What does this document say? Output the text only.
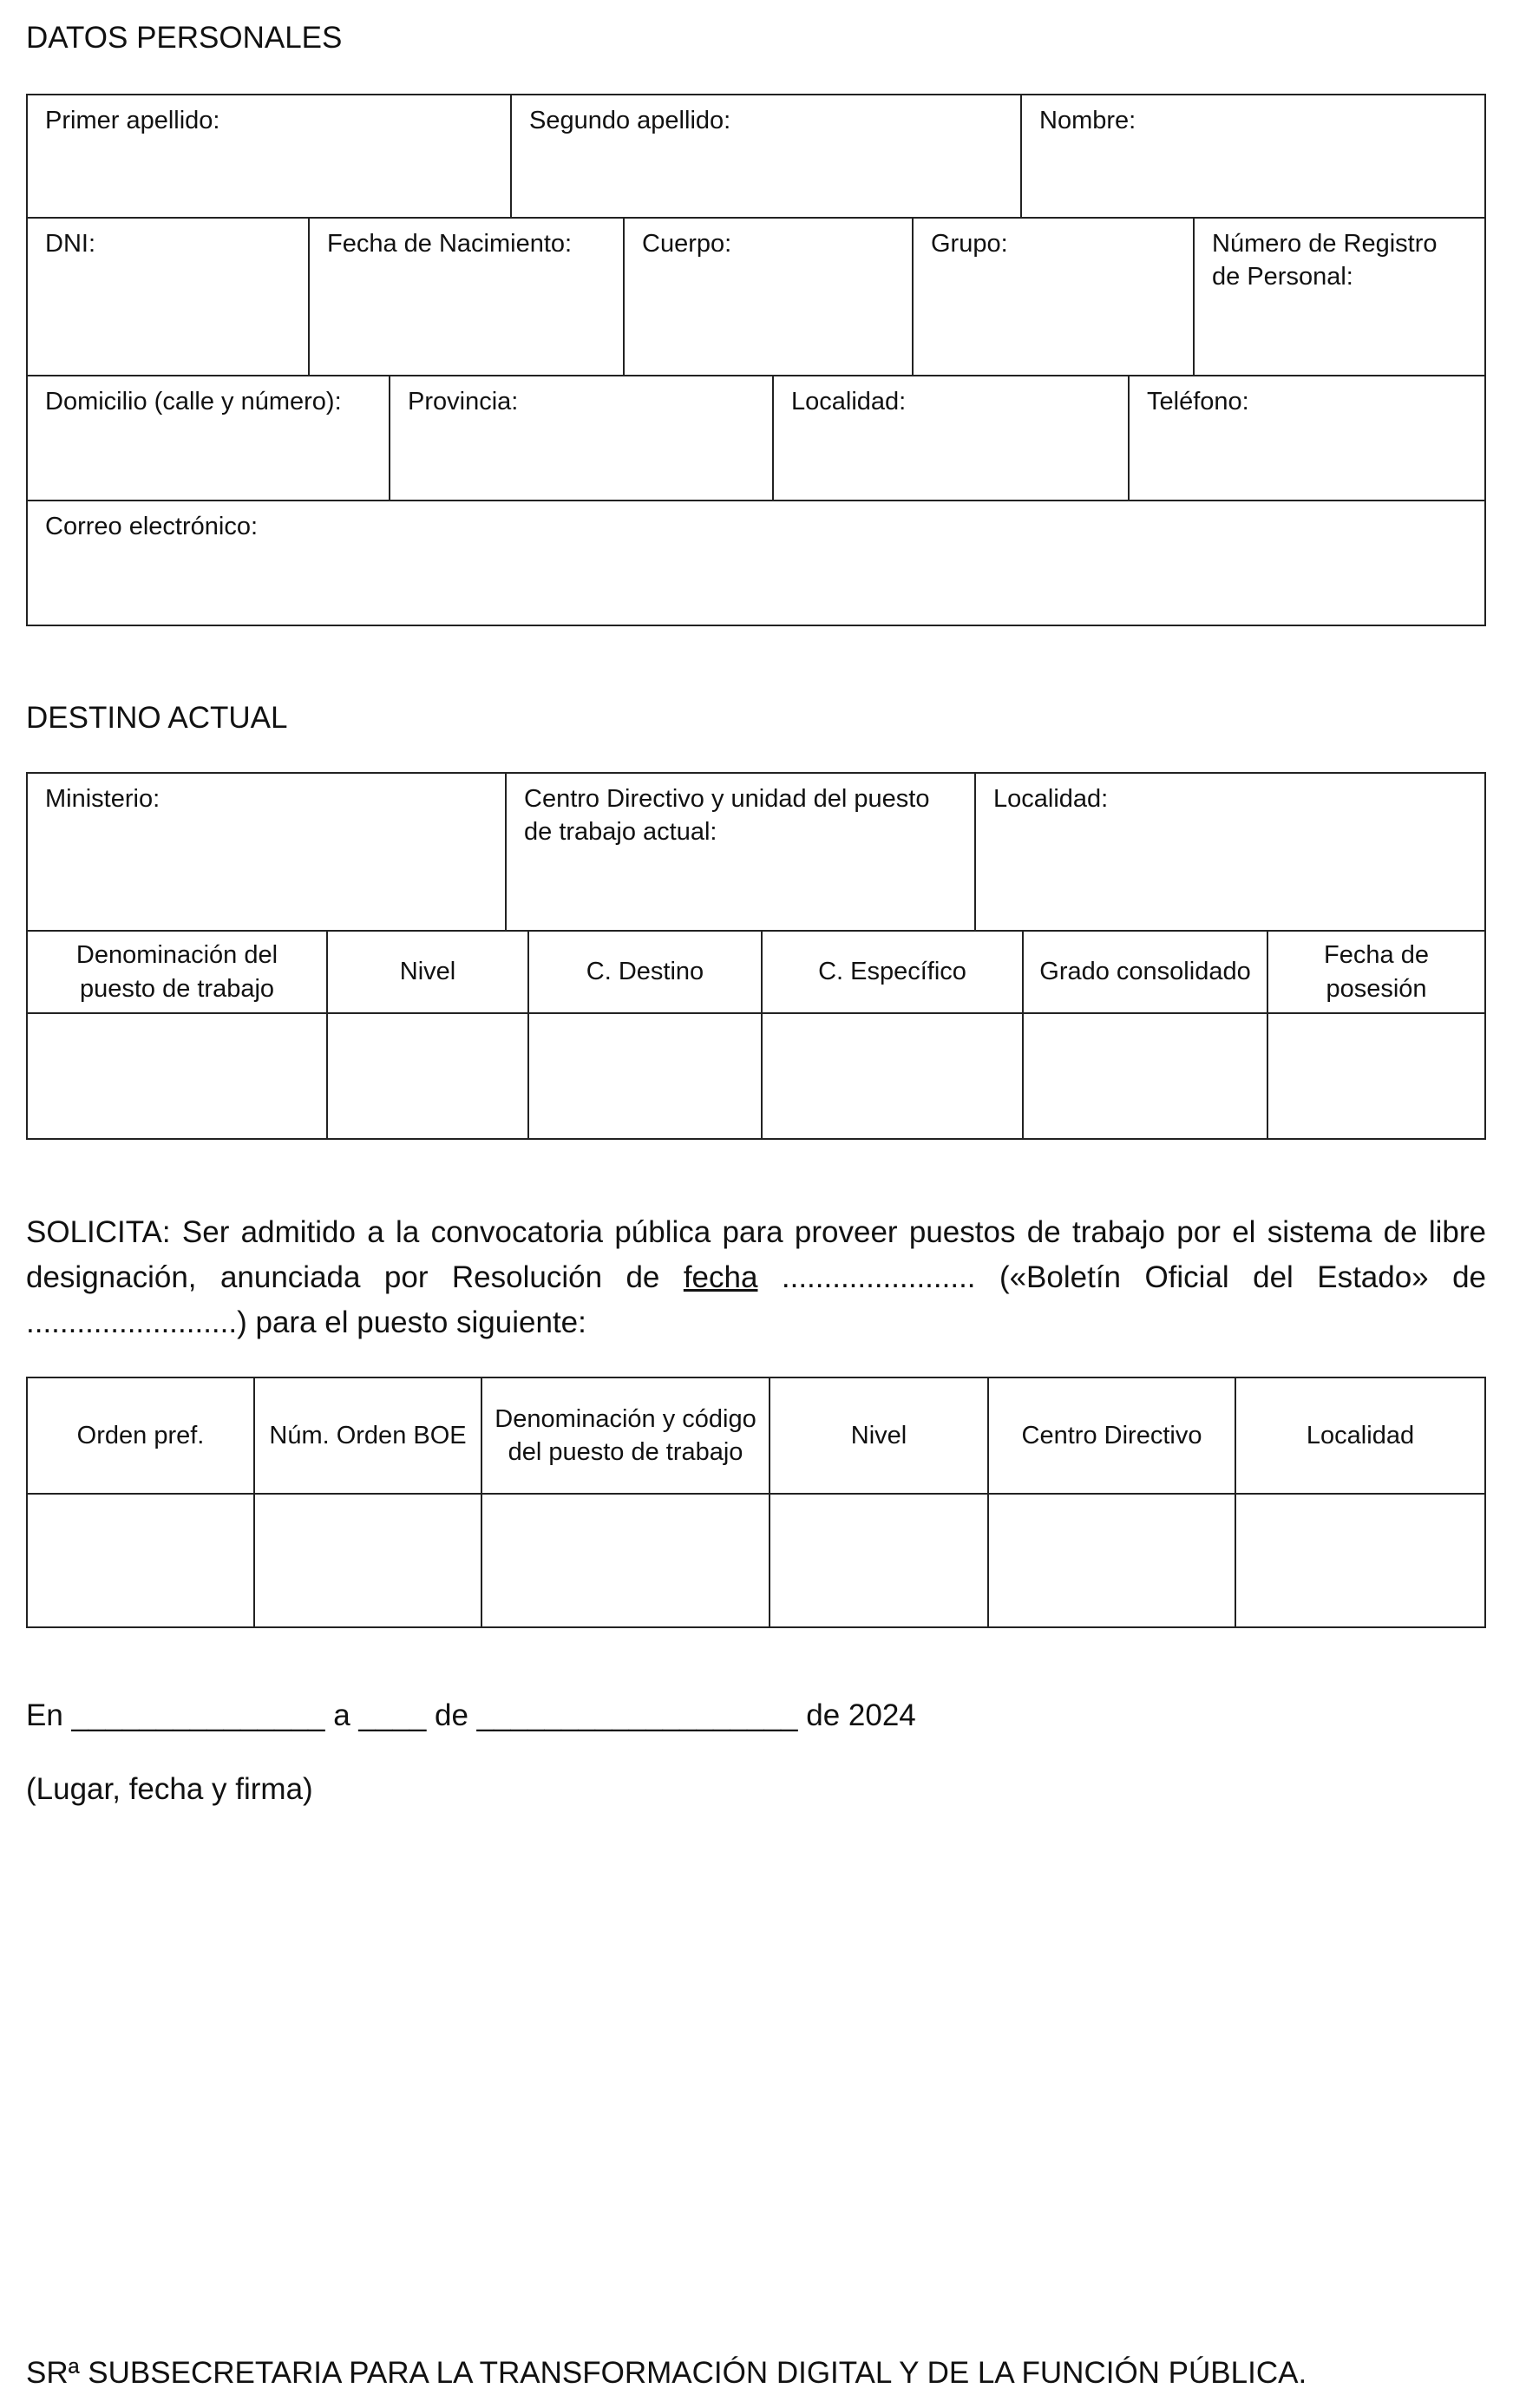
DATOS PERSONALES
Primer apellido:	Segundo apellido:	Nombre:
DNI:	Fecha de Nacimiento:	Cuerpo:	Grupo:	Número de Registro de Personal:
Domicilio (calle y número):	Provincia:	Localidad:	Teléfono:
Correo electrónico:
DESTINO ACTUAL
Ministerio:	Centro Directivo y unidad del puesto de trabajo actual:	Localidad:
Denominación del puesto de trabajo	Nivel	C. Destino	C. Específico	Grado consolidado	Fecha de posesión

SOLICITA: Ser admitido a la convocatoria pública para proveer puestos de trabajo por el sistema de libre designación, anunciada por Resolución de fecha ....................... («Boletín Oficial del Estado» de .........................) para el puesto siguiente:

Orden pref.	Núm. Orden BOE	Denominación y código del puesto de trabajo	Nivel	Centro Directivo	Localidad

En _______________ a ____ de ___________________ de 2024

(Lugar, fecha y firma)

SRª SUBSECRETARIA PARA LA TRANSFORMACIÓN DIGITAL Y DE LA FUNCIÓN PÚBLICA.
